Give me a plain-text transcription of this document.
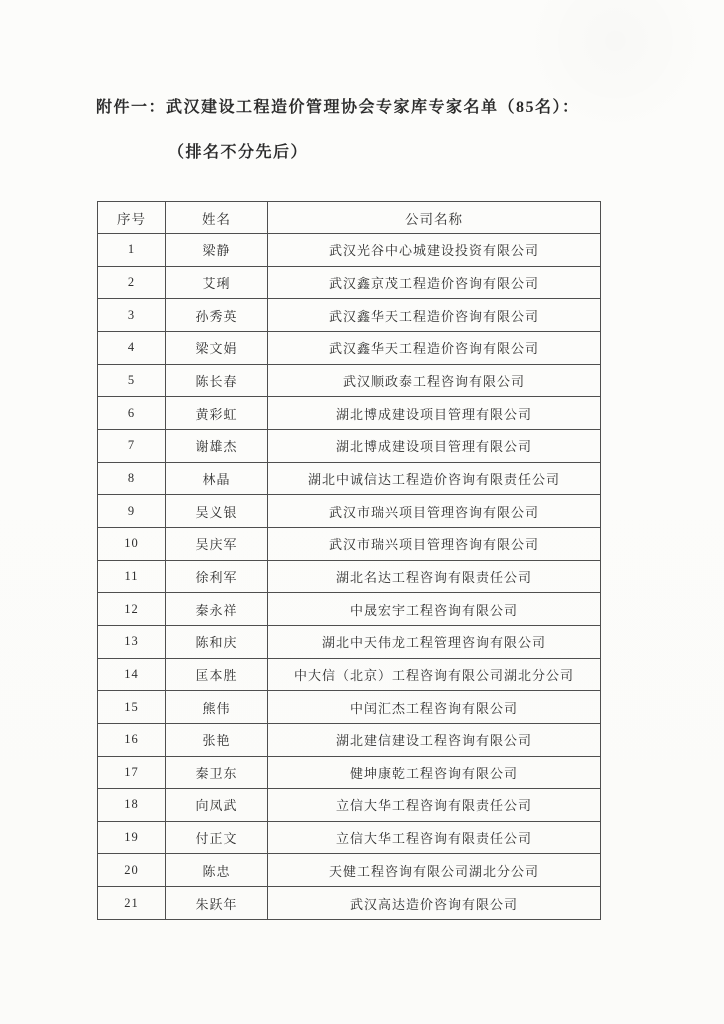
附件一：武汉建设工程造价管理协会专家库专家名单（85名）：
（排名不分先后）
序号	姓名	公司名称
1	梁静	武汉光谷中心城建设投资有限公司
2	艾琍	武汉鑫京茂工程造价咨询有限公司
3	孙秀英	武汉鑫华天工程造价咨询有限公司
4	梁文娟	武汉鑫华天工程造价咨询有限公司
5	陈长春	武汉顺政泰工程咨询有限公司
6	黄彩虹	湖北博成建设项目管理有限公司
7	谢雄杰	湖北博成建设项目管理有限公司
8	林晶	湖北中诚信达工程造价咨询有限责任公司
9	吴义银	武汉市瑞兴项目管理咨询有限公司
10	吴庆军	武汉市瑞兴项目管理咨询有限公司
11	徐利军	湖北名达工程咨询有限责任公司
12	秦永祥	中晟宏宇工程咨询有限公司
13	陈和庆	湖北中天伟龙工程管理咨询有限公司
14	匡本胜	中大信（北京）工程咨询有限公司湖北分公司
15	熊伟	中闰汇杰工程咨询有限公司
16	张艳	湖北建信建设工程咨询有限公司
17	秦卫东	健坤康乾工程咨询有限公司
18	向凤武	立信大华工程咨询有限责任公司
19	付正文	立信大华工程咨询有限责任公司
20	陈忠	天健工程咨询有限公司湖北分公司
21	朱跃年	武汉高达造价咨询有限公司
